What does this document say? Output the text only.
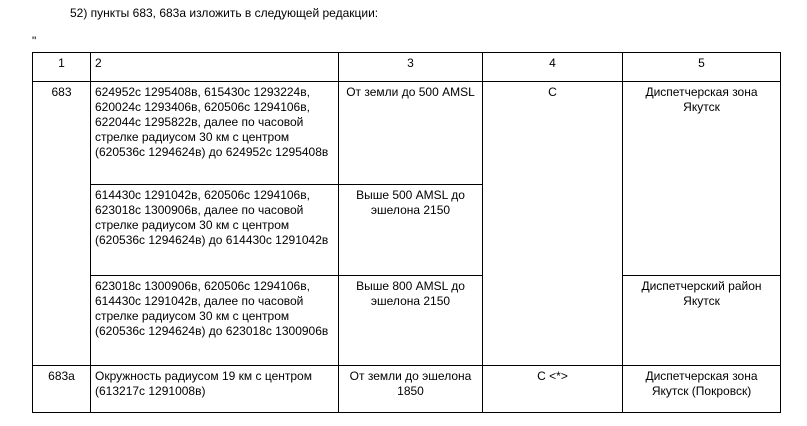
52) пункты 683, 683а изложить в следующей редакции:
"
1	2	3	4	5
683	624952с 1295408в, 615430с 1293224в, 620024с 1293406в, 620506с 1294106в, 622044с 1295822в, далее по часовой стрелке радиусом 30 км с центром (620536с 1294624в) до 624952с 1295408в	От земли до 500 AMSL	С	Диспетчерская зона Якутск
	614430с 1291042в, 620506с 1294106в, 623018с 1300906в, далее по часовой стрелке радиусом 30 км с центром (620536с 1294624в) до 614430с 1291042в	Выше 500 AMSL до эшелона 2150		
	623018с 1300906в, 620506с 1294106в, 614430с 1291042в, далее по часовой стрелке радиусом 30 км с центром (620536с 1294624в) до 623018с 1300906в	Выше 800 AMSL до эшелона 2150		Диспетчерский район Якутск
683а	Окружность радиусом 19 км с центром (613217с 1291008в)	От земли до эшелона 1850	С <*>	Диспетчерская зона Якутск (Покровск)
